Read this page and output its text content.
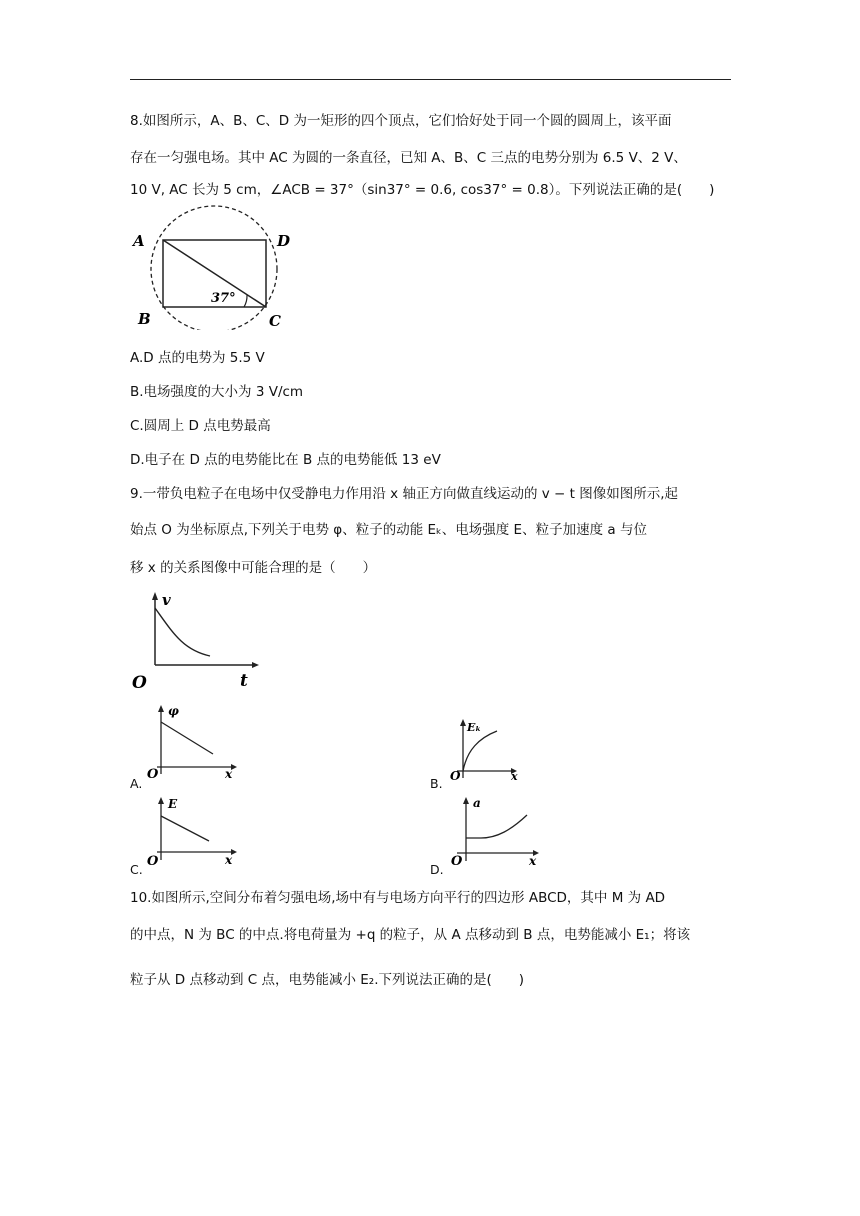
8.如图所示，A、B、C、D 为一矩形的四个顶点，它们恰好处于同一个圆的圆周上，该平面
存在一匀强电场。其中 AC 为圆的一条直径，已知 A、B、C 三点的电势分别为 6.5 V、2 V、
10 V, AC 长为 5 cm，∠ACB = 37°（sin37° = 0.6, cos37° = 0.8）。下列说法正确的是(　　)
A	D
B	C
37°
A.D 点的电势为 5.5 V
B.电场强度的大小为 3 V/cm
C.圆周上 D 点电势最高
D.电子在 D 点的电势能比在 B 点的电势能低 13 eV
9.一带负电粒子在电场中仅受静电力作用沿 x 轴正方向做直线运动的 v − t 图像如图所示,起
始点 O 为坐标原点,下列关于电势 φ、粒子的动能 Eₖ、电场强度 E、粒子加速度 a 与位
移 x 的关系图像中可能合理的是（　　）
v
t
O
A.
φ
x
O
B.
Eₖ
x
O
C.
E
x
O
D.
a
x
O
10.如图所示,空间分布着匀强电场,场中有与电场方向平行的四边形 ABCD，其中 M 为 AD
的中点，N 为 BC 的中点.将电荷量为 +q 的粒子，从 A 点移动到 B 点，电势能减小 E₁；将该
粒子从 D 点移动到 C 点，电势能减小 E₂.下列说法正确的是(　　)
